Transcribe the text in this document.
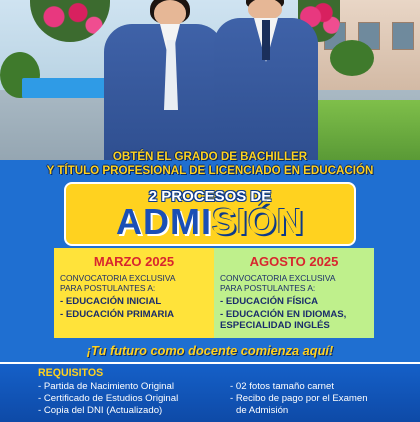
OBTÉN EL GRADO DE BACHILLER
Y TÍTULO PROFESIONAL DE LICENCIADO EN EDUCACIÓN
2 PROCESOS DE
ADMISIÓN
MARZO 2025
CONVOCATORIA EXCLUSIVA
PARA POSTULANTES A:
- EDUCACIÓN INICIAL
- EDUCACIÓN PRIMARIA
AGOSTO 2025
CONVOCATORIA EXCLUSIVA
PARA POSTULANTES A:
- EDUCACIÓN FÍSICA
- EDUCACIÓN EN IDIOMAS,
ESPECIALIDAD INGLÉS
¡Tu futuro como docente comienza aquí!
REQUISITOS
- Partida de Nacimiento Original
- Certificado de Estudios Original
- Copia del DNI (Actualizado)
- 02 fotos tamaño carnet
- Recibo de pago por el Examen
de Admisión
